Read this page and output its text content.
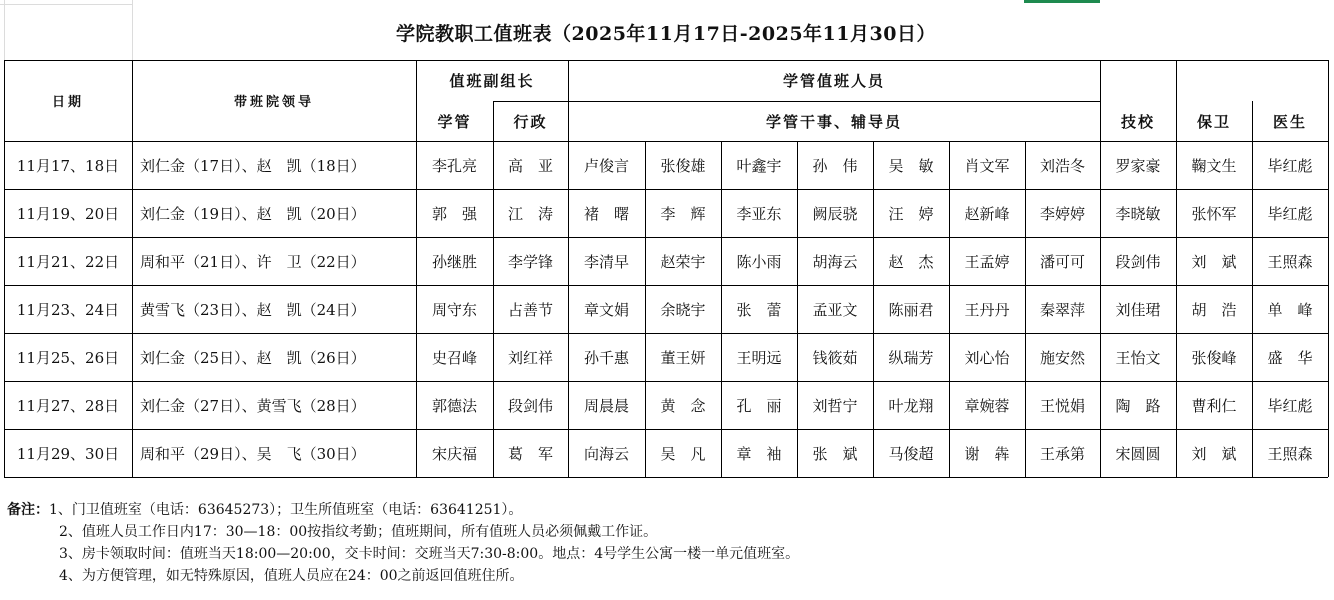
学院教职工值班表（2025年11月17日-2025年11月30日）
日期	带班院领导
值班副组长	学管值班人员
学管	行政	学管干事、辅导员	技校	保卫	医生
11月17、18日	刘仁金（17日）、赵　凯（18日）	李孔亮	高　亚	卢俊言	张俊雄	叶鑫宇	孙　伟	吴　敏	肖文军	刘浩冬	罗家豪	鞠文生	毕红彪
11月19、20日	刘仁金（19日）、赵　凯（20日）	郭　强	江　涛	褚　曙	李　辉	李亚东	阙辰骁	汪　婷	赵新峰	李婷婷	李晓敏	张怀军	毕红彪
11月21、22日	周和平（21日）、许　卫（22日）	孙继胜	李学锋	李清早	赵荣宇	陈小雨	胡海云	赵　杰	王孟婷	潘可可	段剑伟	刘　斌	王照森
11月23、24日	黄雪飞（23日）、赵　凯（24日）	周守东	占善节	章文娟	余晓宇	张　蕾	孟亚文	陈丽君	王丹丹	秦翠萍	刘佳珺	胡　浩	单　峰
11月25、26日	刘仁金（25日）、赵　凯（26日）	史召峰	刘红祥	孙千惠	董王妍	王明远	钱筱茹	纵瑞芳	刘心怡	施安然	王怡文	张俊峰	盛　华
11月27、28日	刘仁金（27日）、黄雪飞（28日）	郭德法	段剑伟	周晨晨	黄　念	孔　丽	刘哲宁	叶龙翔	章婉蓉	王悦娟	陶　路	曹利仁	毕红彪
11月29、30日	周和平（29日）、吴　飞（30日）	宋庆福	葛　军	向海云	吴　凡	章　袖	张　斌	马俊超	谢　犇	王承第	宋圆圆	刘　斌	王照森
备注：1、门卫值班室（电话：63645273）；卫生所值班室（电话：63641251）。
2、值班人员工作日内17：30—18：00按指纹考勤；值班期间，所有值班人员必须佩戴工作证。
3、房卡领取时间：值班当天18:00—20:00，交卡时间：交班当天7:30-8:00。地点：4号学生公寓一楼一单元值班室。
4、为方便管理，如无特殊原因，值班人员应在24：00之前返回值班住所。
